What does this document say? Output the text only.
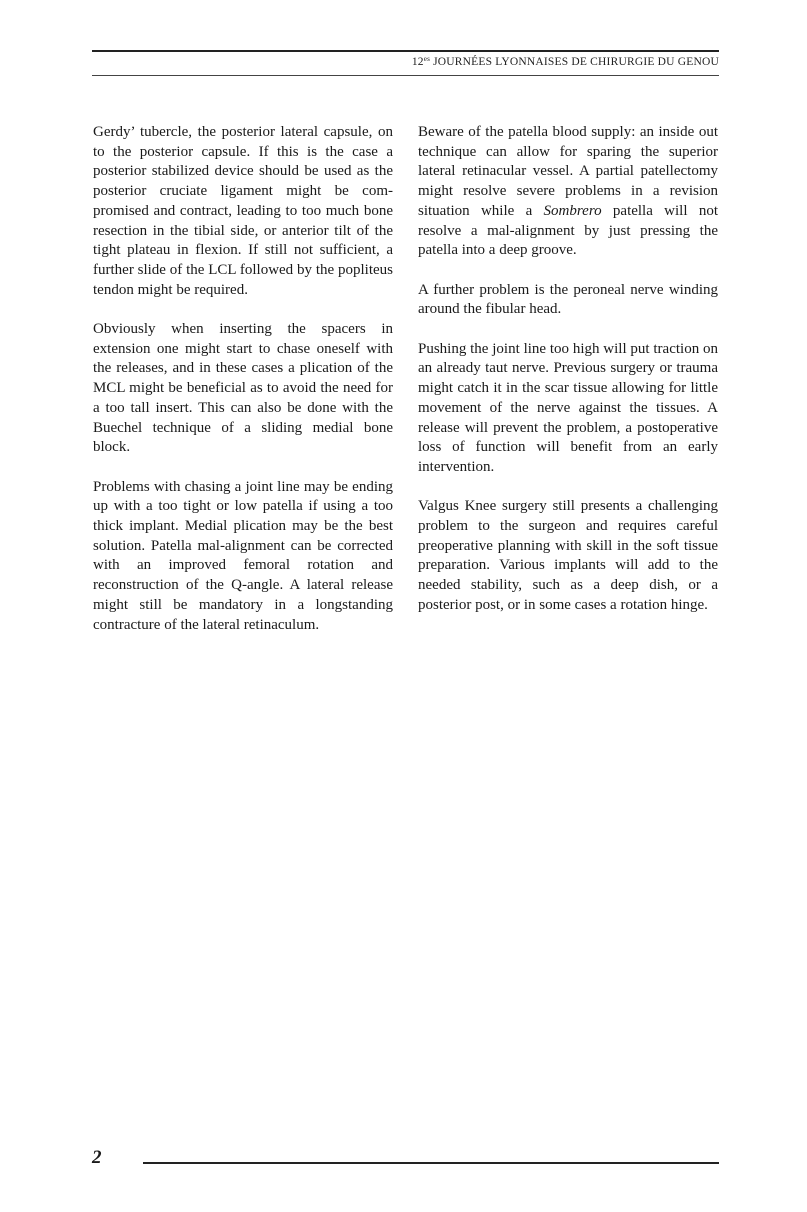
$12^{es}$ JOURNÉES LYONNAISES DE CHIRURGIE DU GENOU

Gerdy’ tubercle, the posterior lateral capsule, on to the posterior capsule. If this is the case a posterior stabilized device should be used as the posterior cruciate ligament might be compromised and contract, leading to too much bone resection in the tibial side, or anterior tilt of the tight plateau in flexion. If still not sufficient, a further slide of the LCL followed by the popliteus tendon might be required.

Obviously when inserting the spacers in extension one might start to chase oneself with the releases, and in these cases a plication of the MCL might be beneficial as to avoid the need for a too tall insert. This can also be done with the Buechel technique of a sliding medial bone block.

Problems with chasing a joint line may be ending up with a too tight or low patella if using a too thick implant. Medial plication may be the best solution. Patella mal-alignment can be corrected with an improved femoral rotation and reconstruction of the Q-angle. A lateral release might still be mandatory in a longstanding contracture of the lateral retinaculum.

Beware of the patella blood supply: an inside out technique can allow for sparing the superior lateral retinacular vessel. A partial patellectomy might resolve severe problems in a revision situation while a Sombrero patella will not resolve a mal-alignment by just pressing the patella into a deep groove.

A further problem is the peroneal nerve winding around the fibular head.

Pushing the joint line too high will put traction on an already taut nerve. Previous surgery or trauma might catch it in the scar tissue allowing for little movement of the nerve against the tissues. A release will prevent the problem, a postoperative loss of function will benefit from an early intervention.

Valgus Knee surgery still presents a challenging problem to the surgeon and requires careful preoperative planning with skill in the soft tissue preparation. Various implants will add to the needed stability, such as a deep dish, or a posterior post, or in some cases a rotation hinge.

2
